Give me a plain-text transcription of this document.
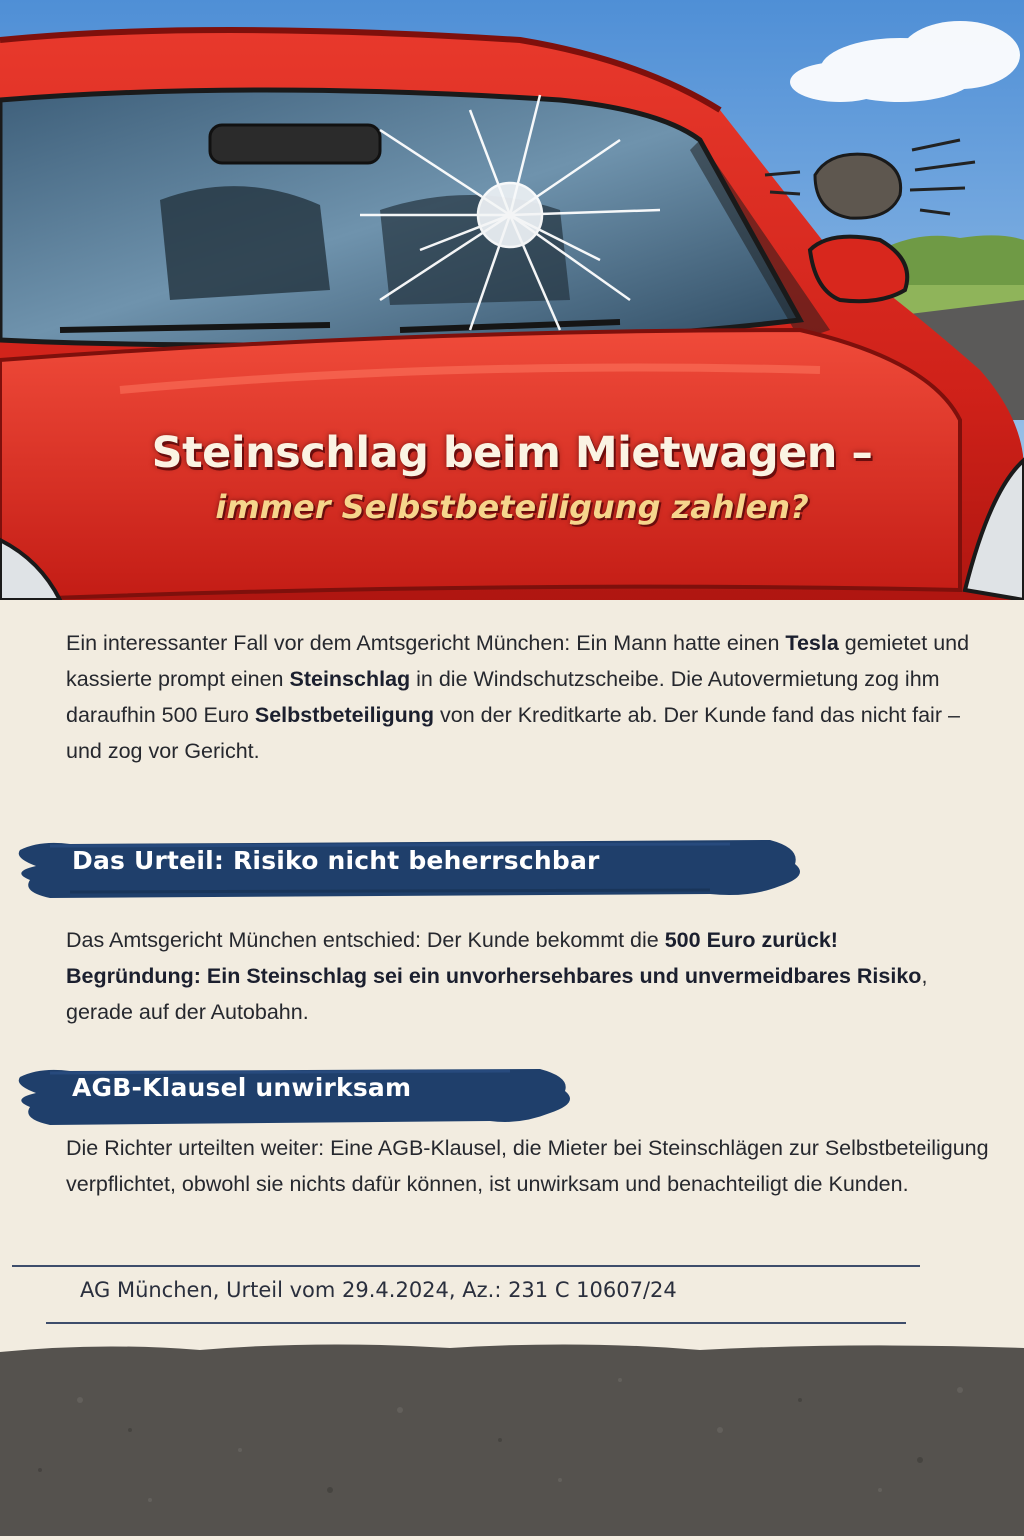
Steinschlag beim Mietwagen –
immer Selbstbeteiligung zahlen?

Ein interessanter Fall vor dem Amtsgericht München: Ein Mann hatte einen Tesla gemietet und kassierte prompt einen Steinschlag in die Windschutzscheibe. Die Autovermietung zog ihm daraufhin 500 Euro Selbstbeteiligung von der Kreditkarte ab. Der Kunde fand das nicht fair – und zog vor Gericht.

Das Urteil: Risiko nicht beherrschbar

Das Amtsgericht München entschied: Der Kunde bekommt die 500 Euro zurück!
Begründung: Ein Steinschlag sei ein unvorhersehbares und unvermeidbares Risiko, gerade auf der Autobahn.

AGB-Klausel unwirksam

Die Richter urteilten weiter: Eine AGB-Klausel, die Mieter bei Steinschlägen zur Selbstbeteiligung verpflichtet, obwohl sie nichts dafür können, ist unwirksam und benachteiligt die Kunden.

AG München, Urteil vom 29.4.2024, Az.: 231 C 10607/24
